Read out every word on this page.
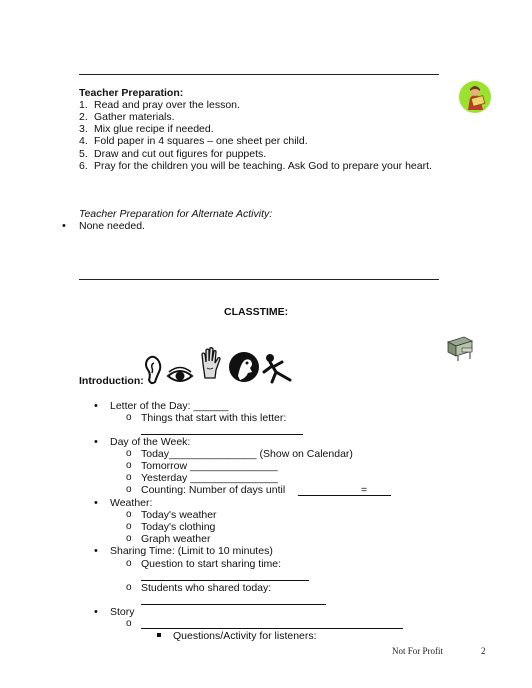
Teacher Preparation:
1. Read and pray over the lesson.
2. Gather materials.
3. Mix glue recipe if needed.
4. Fold paper in 4 squares – one sheet per child.
5. Draw and cut out figures for puppets.
6. Pray for the children you will be teaching. Ask God to prepare your heart.
Teacher Preparation for Alternate Activity:
• None needed.
CLASSTIME:
Introduction:
• Letter of the Day: ______
o Things that start with this letter:
• Day of the Week:
o Today_______________ (Show on Calendar)
o Tomorrow _______________
o Yesterday _______________
o Counting: Number of days until	=
• Weather:
o Today's weather
o Today's clothing
o Graph weather
• Sharing Time: (Limit to 10 minutes)
o Question to start sharing time:
o Students who shared today:
• Story
o
Questions/Activity for listeners:
Not For Profit	2
